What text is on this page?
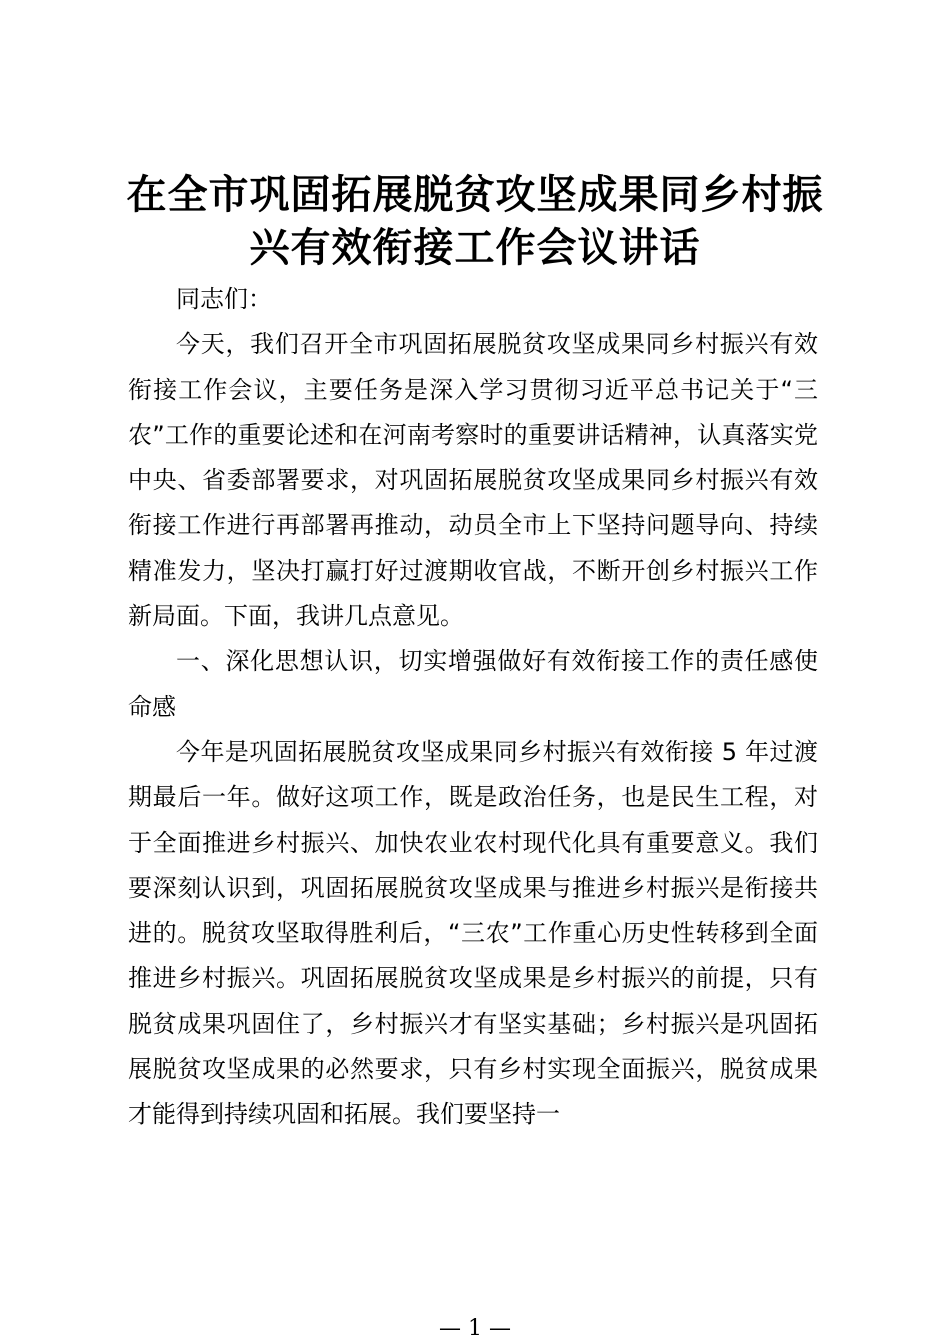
在全市巩固拓展脱贫攻坚成果同乡村振
兴有效衔接工作会议讲话

同志们：

今天，我们召开全市巩固拓展脱贫攻坚成果同乡村振兴有效衔接工作会议，主要任务是深入学习贯彻习近平总书记关于“三农”工作的重要论述和在河南考察时的重要讲话精神，认真落实党中央、省委部署要求，对巩固拓展脱贫攻坚成果同乡村振兴有效衔接工作进行再部署再推动，动员全市上下坚持问题导向、持续精准发力，坚决打赢打好过渡期收官战，不断开创乡村振兴工作新局面。下面，我讲几点意见。

一、深化思想认识，切实增强做好有效衔接工作的责任感使命感

今年是巩固拓展脱贫攻坚成果同乡村振兴有效衔接 5 年过渡期最后一年。做好这项工作，既是政治任务，也是民生工程，对于全面推进乡村振兴、加快农业农村现代化具有重要意义。我们要深刻认识到，巩固拓展脱贫攻坚成果与推进乡村振兴是衔接共进的。脱贫攻坚取得胜利后，“三农”工作重心历史性转移到全面推进乡村振兴。巩固拓展脱贫攻坚成果是乡村振兴的前提，只有脱贫成果巩固住了，乡村振兴才有坚实基础；乡村振兴是巩固拓展脱贫攻坚成果的必然要求，只有乡村实现全面振兴，脱贫成果才能得到持续巩固和拓展。我们要坚持一

— 1 —
